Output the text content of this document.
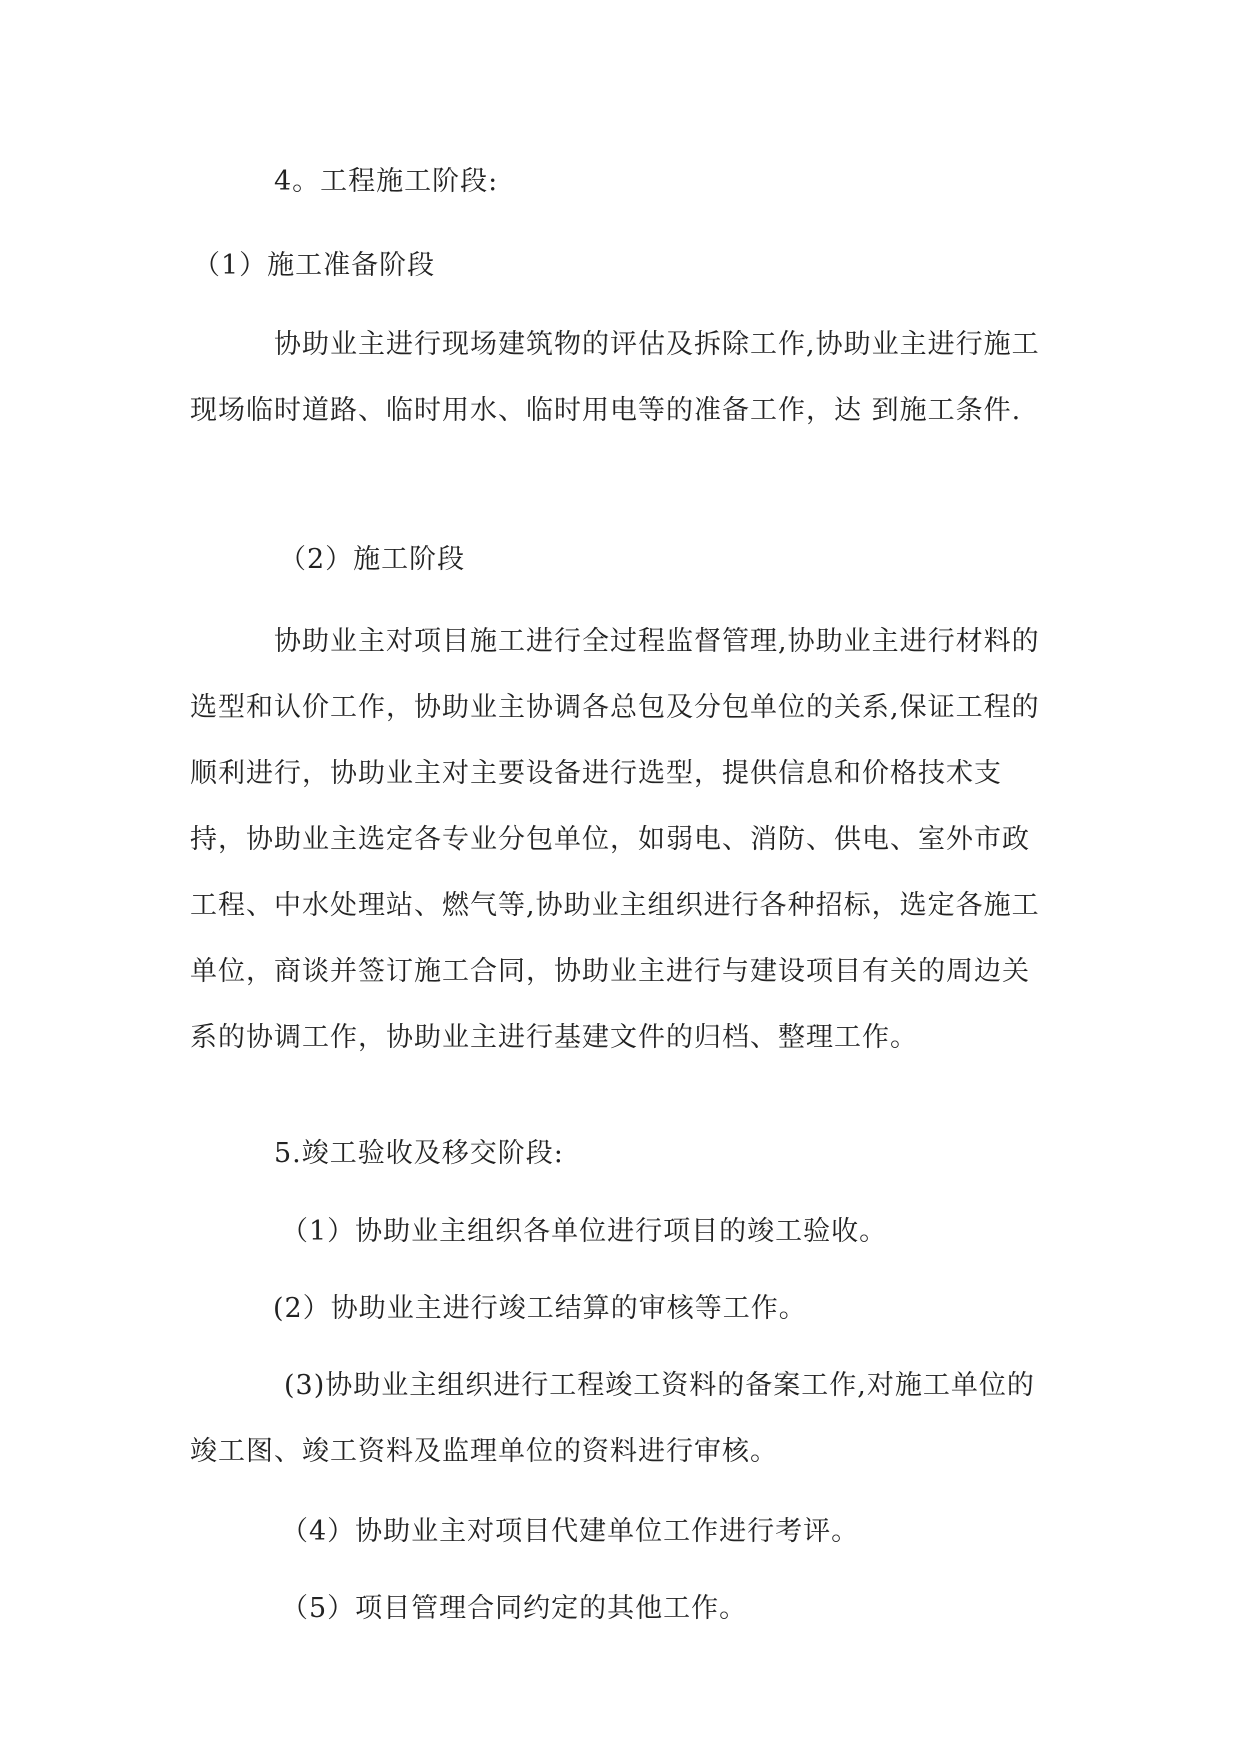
4。工程施工阶段:
（1）施工准备阶段
协助业主进行现场建筑物的评估及拆除工作,协助业主进行施工现场临时道路、临时用水、临时用电等的准备工作，达 到施工条件.
（2）施工阶段
协助业主对项目施工进行全过程监督管理,协助业主进行材料的选型和认价工作，协助业主协调各总包及分包单位的关系,保证工程的顺利进行，协助业主对主要设备进行选型，提供信息和价格技术支持，协助业主选定各专业分包单位，如弱电、消防、供电、室外市政工程、中水处理站、燃气等,协助业主组织进行各种招标，选定各施工单位，商谈并签订施工合同，协助业主进行与建设项目有关的周边关系的协调工作，协助业主进行基建文件的归档、整理工作。
5.竣工验收及移交阶段:
（1）协助业主组织各单位进行项目的竣工验收。
(2）协助业主进行竣工结算的审核等工作。
(3)协助业主组织进行工程竣工资料的备案工作,对施工单位的竣工图、竣工资料及监理单位的资料进行审核。
（4）协助业主对项目代建单位工作进行考评。
（5）项目管理合同约定的其他工作。
